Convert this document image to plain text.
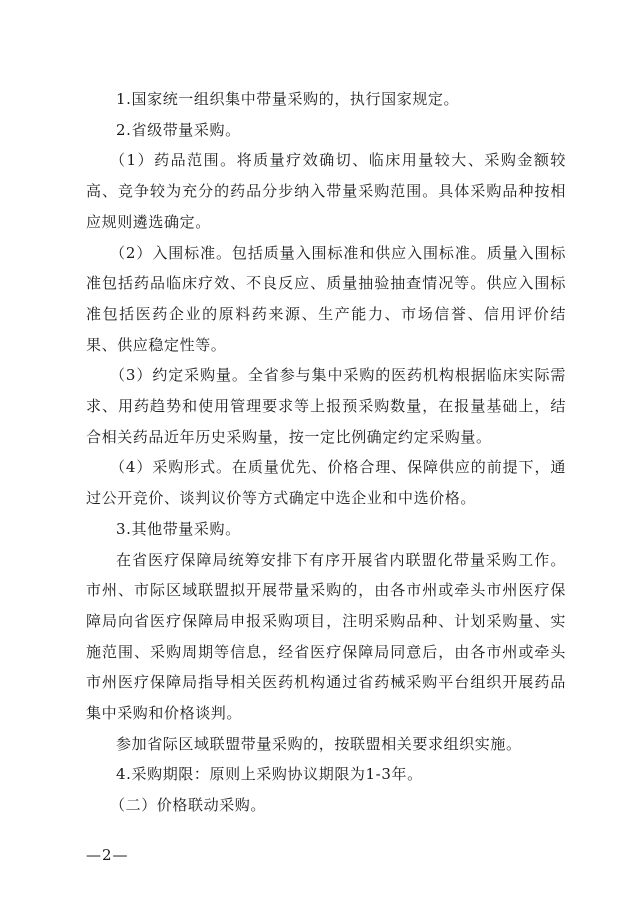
1.国家统一组织集中带量采购的，执行国家规定。

2.省级带量采购。

（1）药品范围。将质量疗效确切、临床用量较大、采购金额较高、竞争较为充分的药品分步纳入带量采购范围。具体采购品种按相应规则遴选确定。

（2）入围标准。包括质量入围标准和供应入围标准。质量入围标准包括药品临床疗效、不良反应、质量抽验抽查情况等。供应入围标准包括医药企业的原料药来源、生产能力、市场信誉、信用评价结果、供应稳定性等。

（3）约定采购量。全省参与集中采购的医药机构根据临床实际需求、用药趋势和使用管理要求等上报预采购数量，在报量基础上，结合相关药品近年历史采购量，按一定比例确定约定采购量。

（4）采购形式。在质量优先、价格合理、保障供应的前提下，通过公开竞价、谈判议价等方式确定中选企业和中选价格。

3.其他带量采购。

在省医疗保障局统筹安排下有序开展省内联盟化带量采购工作。市州、市际区域联盟拟开展带量采购的，由各市州或牵头市州医疗保障局向省医疗保障局申报采购项目，注明采购品种、计划采购量、实施范围、采购周期等信息，经省医疗保障局同意后，由各市州或牵头市州医疗保障局指导相关医药机构通过省药械采购平台组织开展药品集中采购和价格谈判。

参加省际区域联盟带量采购的，按联盟相关要求组织实施。

4.采购期限：原则上采购协议期限为1-3年。

（二）价格联动采购。

—2—
